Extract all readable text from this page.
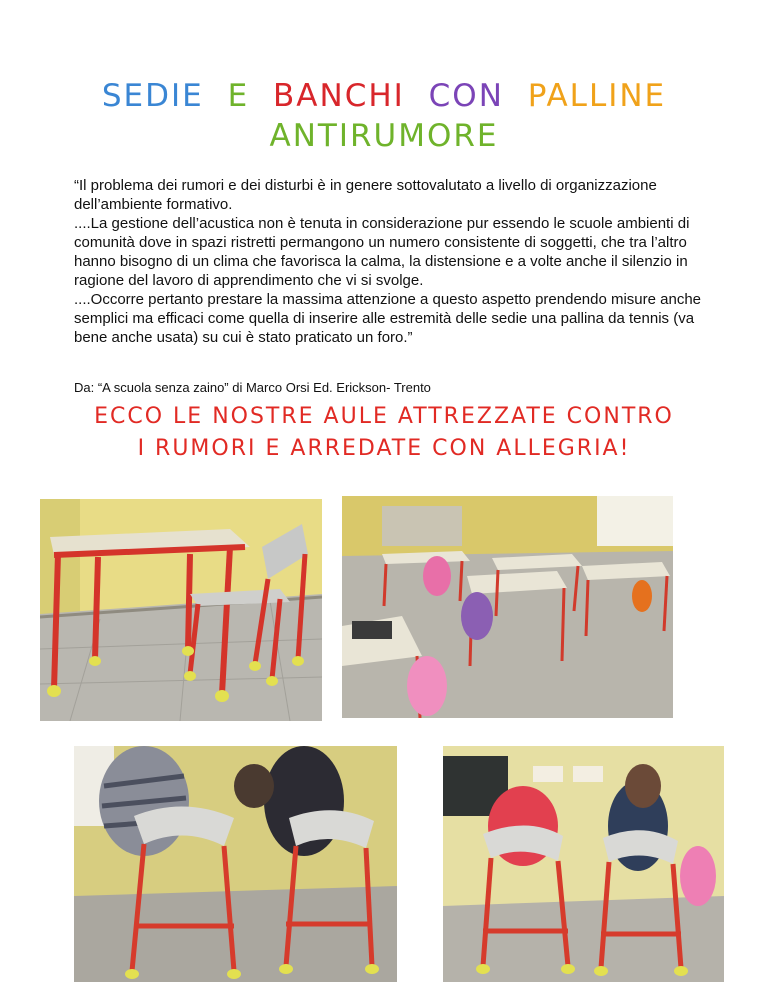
SEDIE E BANCHI CON PALLINE
ANTIRUMORE

“Il problema dei rumori e dei disturbi è in genere sottovalutato a livello di organizzazione dell’ambiente formativo.

....La gestione dell’acustica non è tenuta in considerazione pur essendo le scuole ambienti di comunità dove in spazi ristretti permangono un numero consistente di soggetti, che tra l’altro hanno bisogno di un clima che favorisca la calma, la distensione e a volte anche il silenzio in ragione del lavoro di apprendimento che vi si svolge.

....Occorre pertanto prestare la massima attenzione a questo aspetto prendendo misure anche semplici ma efficaci come quella di inserire alle estremità delle sedie una pallina da tennis (va bene anche usata) su cui è stato praticato un foro.”

Da: “A scuola senza zaino” di Marco Orsi Ed. Erickson- Trento
ECCO LE NOSTRE AULE ATTREZZATE CONTRO
I RUMORI E ARREDATE CON ALLEGRIA!
